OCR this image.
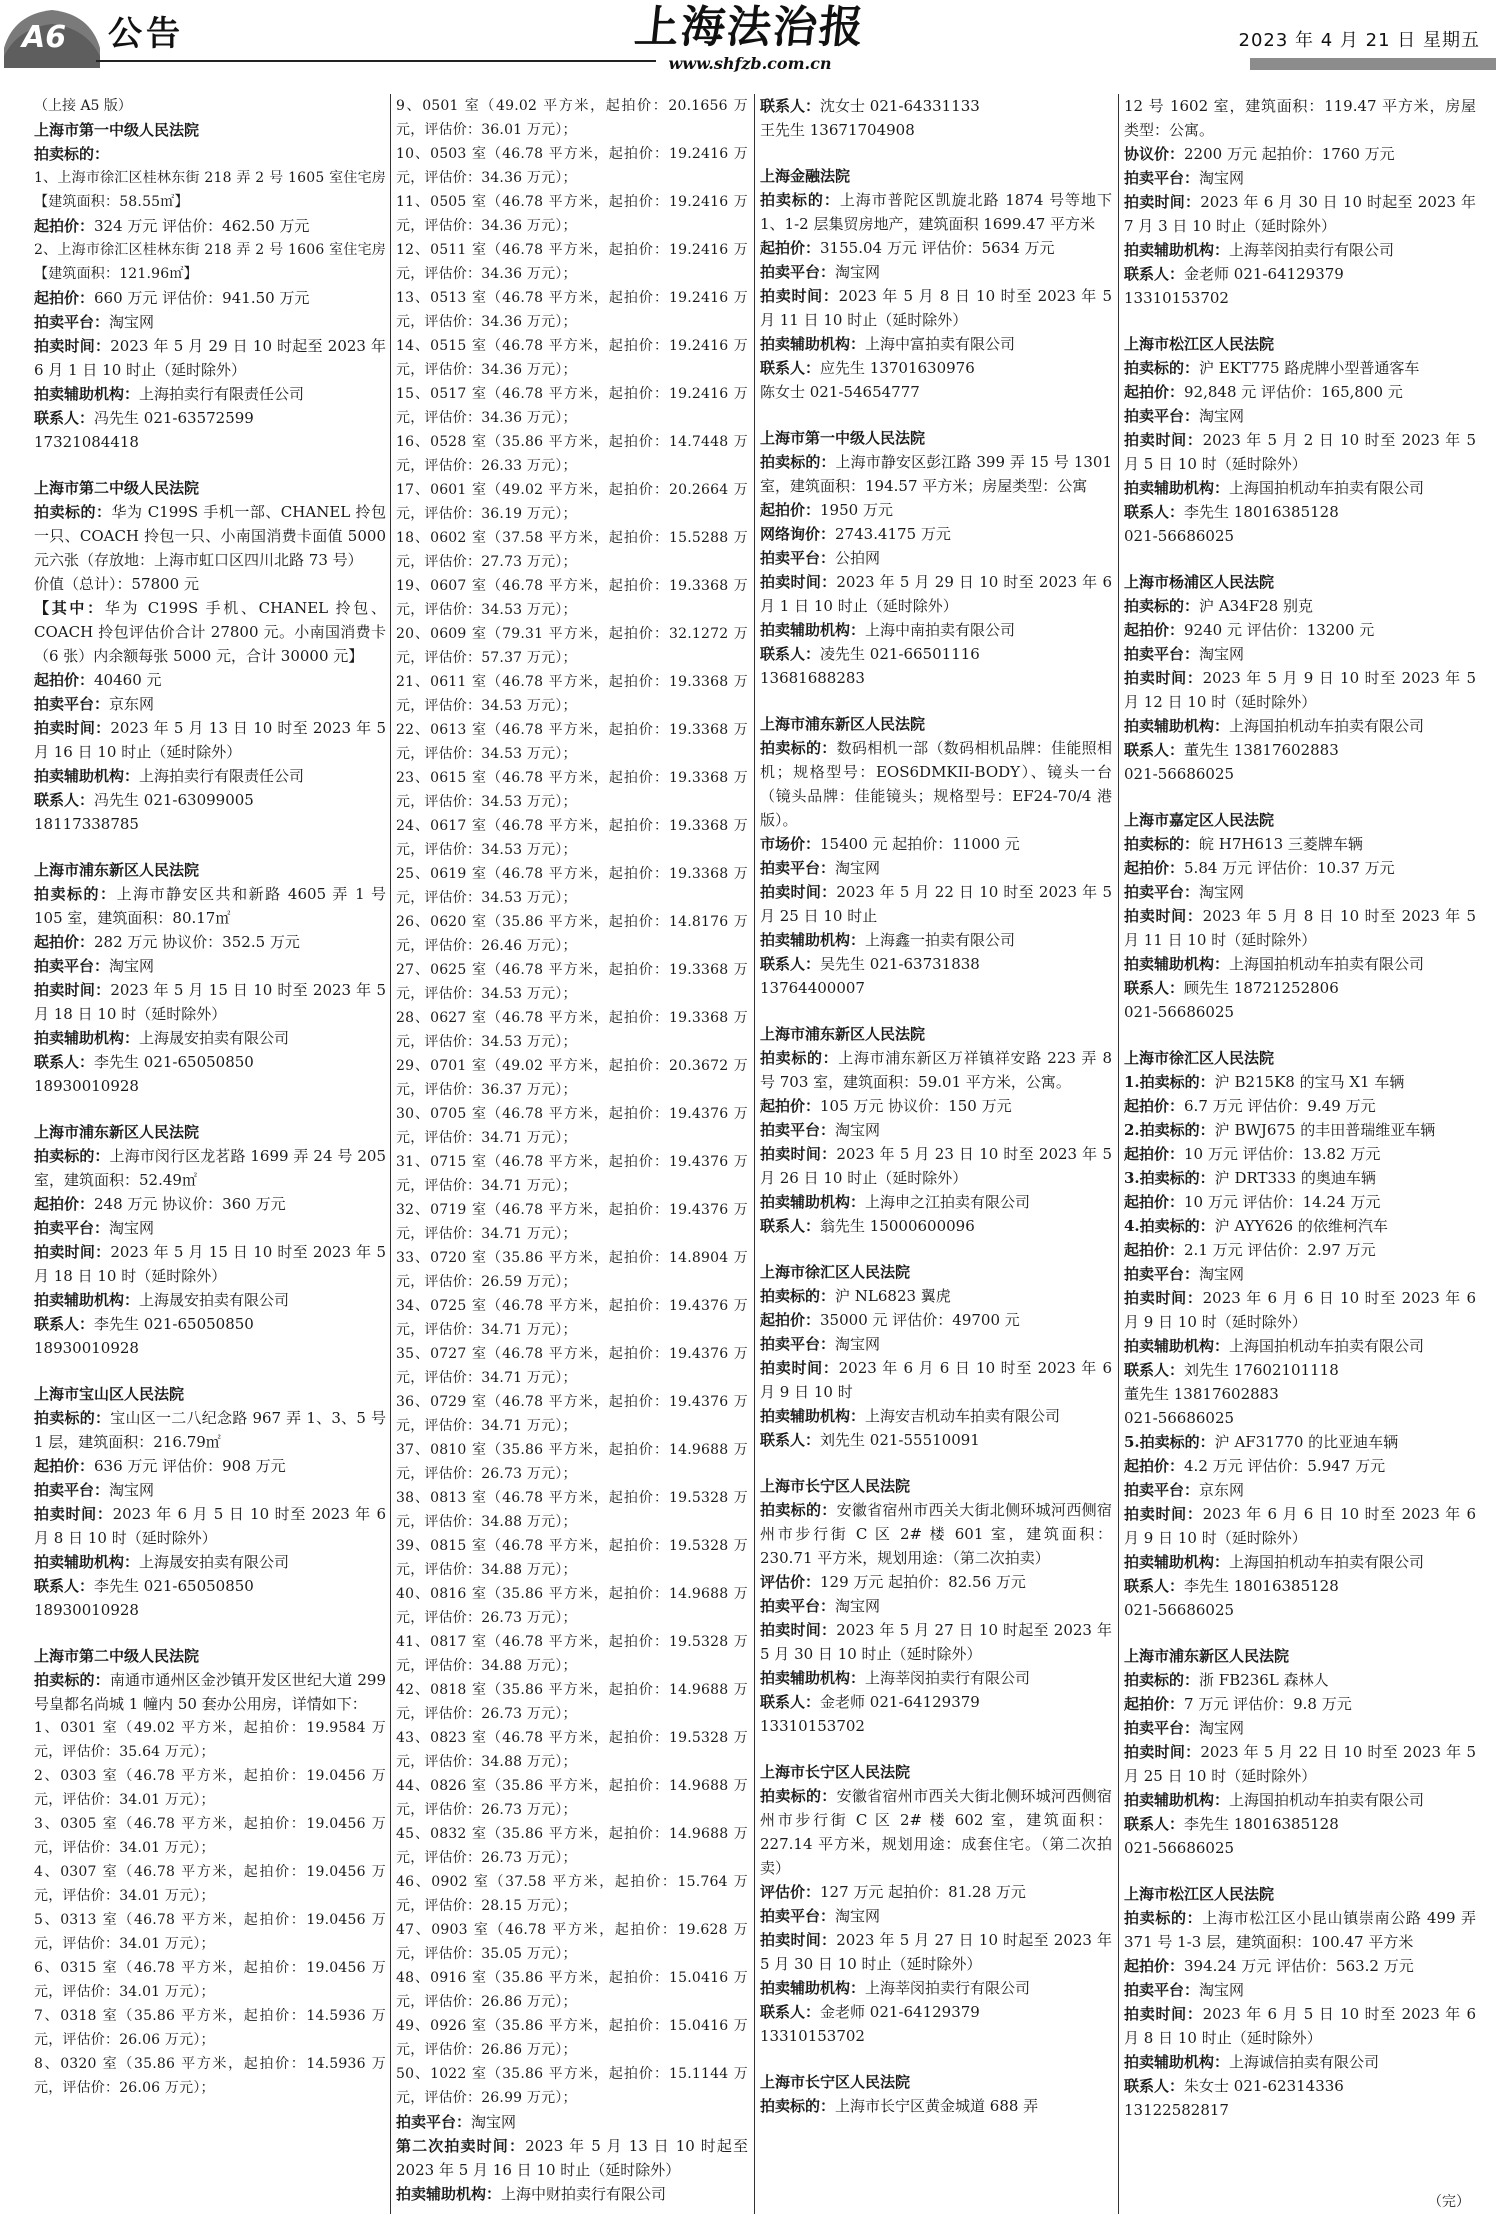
A6 公告	上海法治报
www.shfzb.com.cn
2023 年 4 月 21 日 星期五

（上接 A5 版）

上海市第一中级人民法院

拍卖标的：

1、上海市徐汇区桂林东街 218 弄 2 号 1605 室住宅房【建筑面积：58.55㎡】

起拍价：324 万元 评估价：462.50 万元

2、上海市徐汇区桂林东街 218 弄 2 号 1606 室住宅房【建筑面积：121.96㎡】

起拍价：660 万元 评估价：941.50 万元

拍卖平台：淘宝网

拍卖时间：2023 年 5 月 29 日 10 时起至 2023 年 6 月 1 日 10 时止（延时除外）

拍卖辅助机构：上海拍卖行有限责任公司

联系人：冯先生 021-63572599

17321084418

上海市第二中级人民法院

拍卖标的：华为 C199S 手机一部、CHANEL 拎包一只、COACH 拎包一只、小南国消费卡面值 5000 元六张（存放地：上海市虹口区四川北路 73 号）

价值（总计）：57800 元

【其中：华为 C199S 手机、CHANEL 拎包、COACH 拎包评估价合计 27800 元。小南国消费卡（6 张）内余额每张 5000 元，合计 30000 元】

起拍价：40460 元

拍卖平台：京东网

拍卖时间：2023 年 5 月 13 日 10 时至 2023 年 5 月 16 日 10 时止（延时除外）

拍卖辅助机构：上海拍卖行有限责任公司

联系人：冯先生 021-63099005

18117338785

上海市浦东新区人民法院

拍卖标的：上海市静安区共和新路 4605 弄 1 号 105 室，建筑面积：80.17㎡

起拍价：282 万元 协议价：352.5 万元

拍卖平台：淘宝网

拍卖时间：2023 年 5 月 15 日 10 时至 2023 年 5 月 18 日 10 时（延时除外）

拍卖辅助机构：上海晟安拍卖有限公司

联系人：李先生 021-65050850

18930010928

上海市浦东新区人民法院

拍卖标的：上海市闵行区龙茗路 1699 弄 24 号 205 室，建筑面积：52.49㎡

起拍价：248 万元 协议价：360 万元

拍卖平台：淘宝网

拍卖时间：2023 年 5 月 15 日 10 时至 2023 年 5 月 18 日 10 时（延时除外）

拍卖辅助机构：上海晟安拍卖有限公司

联系人：李先生 021-65050850

18930010928

上海市宝山区人民法院

拍卖标的：宝山区一二八纪念路 967 弄 1、3、5 号 1 层，建筑面积：216.79㎡

起拍价：636 万元 评估价：908 万元

拍卖平台：淘宝网

拍卖时间：2023 年 6 月 5 日 10 时至 2023 年 6 月 8 日 10 时（延时除外）

拍卖辅助机构：上海晟安拍卖有限公司

联系人：李先生 021-65050850

18930010928

上海市第二中级人民法院

拍卖标的：南通市通州区金沙镇开发区世纪大道 299 号皇都名尚城 1 幢内 50 套办公用房，详情如下：

1、0301 室（49.02 平方米，起拍价：19.9584 万元，评估价：35.64 万元）；

2、0303 室（46.78 平方米，起拍价：19.0456 万元，评估价：34.01 万元）；

3、0305 室（46.78 平方米，起拍价：19.0456 万元，评估价：34.01 万元）；

4、0307 室（46.78 平方米，起拍价：19.0456 万元，评估价：34.01 万元）；

5、0313 室（46.78 平方米，起拍价：19.0456 万元，评估价：34.01 万元）；

6、0315 室（46.78 平方米，起拍价：19.0456 万元，评估价：34.01 万元）；

7、0318 室（35.86 平方米，起拍价：14.5936 万元，评估价：26.06 万元）；

8、0320 室（35.86 平方米，起拍价：14.5936 万元，评估价：26.06 万元）；

9、0501 室（49.02 平方米，起拍价：20.1656 万元，评估价：36.01 万元）；

10、0503 室（46.78 平方米，起拍价：19.2416 万元，评估价：34.36 万元）；

11、0505 室（46.78 平方米，起拍价：19.2416 万元，评估价：34.36 万元）；

12、0511 室（46.78 平方米，起拍价：19.2416 万元，评估价：34.36 万元）；

13、0513 室（46.78 平方米，起拍价：19.2416 万元，评估价：34.36 万元）；

14、0515 室（46.78 平方米，起拍价：19.2416 万元，评估价：34.36 万元）；

15、0517 室（46.78 平方米，起拍价：19.2416 万元，评估价：34.36 万元）；

16、0528 室（35.86 平方米，起拍价：14.7448 万元，评估价：26.33 万元）；

17、0601 室（49.02 平方米，起拍价：20.2664 万元，评估价：36.19 万元）；

18、0602 室（37.58 平方米，起拍价：15.5288 万元，评估价：27.73 万元）；

19、0607 室（46.78 平方米，起拍价：19.3368 万元，评估价：34.53 万元）；

20、0609 室（79.31 平方米，起拍价：32.1272 万元，评估价：57.37 万元）；

21、0611 室（46.78 平方米，起拍价：19.3368 万元，评估价：34.53 万元）；

22、0613 室（46.78 平方米，起拍价：19.3368 万元，评估价：34.53 万元）；

23、0615 室（46.78 平方米，起拍价：19.3368 万元，评估价：34.53 万元）；

24、0617 室（46.78 平方米，起拍价：19.3368 万元，评估价：34.53 万元）；

25、0619 室（46.78 平方米，起拍价：19.3368 万元，评估价：34.53 万元）；

26、0620 室（35.86 平方米，起拍价：14.8176 万元，评估价：26.46 万元）；

27、0625 室（46.78 平方米，起拍价：19.3368 万元，评估价：34.53 万元）；

28、0627 室（46.78 平方米，起拍价：19.3368 万元，评估价：34.53 万元）；

29、0701 室（49.02 平方米，起拍价：20.3672 万元，评估价：36.37 万元）；

30、0705 室（46.78 平方米，起拍价：19.4376 万元，评估价：34.71 万元）；

31、0715 室（46.78 平方米，起拍价：19.4376 万元，评估价：34.71 万元）；

32、0719 室（46.78 平方米，起拍价：19.4376 万元，评估价：34.71 万元）；

33、0720 室（35.86 平方米，起拍价：14.8904 万元，评估价：26.59 万元）；

34、0725 室（46.78 平方米，起拍价：19.4376 万元，评估价：34.71 万元）；

35、0727 室（46.78 平方米，起拍价：19.4376 万元，评估价：34.71 万元）；

36、0729 室（46.78 平方米，起拍价：19.4376 万元，评估价：34.71 万元）；

37、0810 室（35.86 平方米，起拍价：14.9688 万元，评估价：26.73 万元）；

38、0813 室（46.78 平方米，起拍价：19.5328 万元，评估价：34.88 万元）；

39、0815 室（46.78 平方米，起拍价：19.5328 万元，评估价：34.88 万元）；

40、0816 室（35.86 平方米，起拍价：14.9688 万元，评估价：26.73 万元）；

41、0817 室（46.78 平方米，起拍价：19.5328 万元，评估价：34.88 万元）；

42、0818 室（35.86 平方米，起拍价：14.9688 万元，评估价：26.73 万元）；

43、0823 室（46.78 平方米，起拍价：19.5328 万元，评估价：34.88 万元）；

44、0826 室（35.86 平方米，起拍价：14.9688 万元，评估价：26.73 万元）；

45、0832 室（35.86 平方米，起拍价：14.9688 万元，评估价：26.73 万元）；

46、0902 室（37.58 平方米，起拍价：15.764 万元，评估价：28.15 万元）；

47、0903 室（46.78 平方米，起拍价：19.628 万元，评估价：35.05 万元）；

48、0916 室（35.86 平方米，起拍价：15.0416 万元，评估价：26.86 万元）；

49、0926 室（35.86 平方米，起拍价：15.0416 万元，评估价：26.86 万元）；

50、1022 室（35.86 平方米，起拍价：15.1144 万元，评估价：26.99 万元）；

拍卖平台：淘宝网

第二次拍卖时间：2023 年 5 月 13 日 10 时起至 2023 年 5 月 16 日 10 时止（延时除外）

拍卖辅助机构：上海中财拍卖行有限公司

联系人：沈女士 021-64331133

王先生 13671704908

上海金融法院

拍卖标的：上海市普陀区凯旋北路 1874 号等地下 1、1-2 层集贸房地产，建筑面积 1699.47 平方米

起拍价：3155.04 万元 评估价：5634 万元

拍卖平台：淘宝网

拍卖时间：2023 年 5 月 8 日 10 时至 2023 年 5 月 11 日 10 时止（延时除外）

拍卖辅助机构：上海中富拍卖有限公司

联系人：应先生 13701630976

陈女士 021-54654777

上海市第一中级人民法院

拍卖标的：上海市静安区彭江路 399 弄 15 号 1301 室，建筑面积：194.57 平方米；房屋类型：公寓

起拍价：1950 万元

网络询价：2743.4175 万元

拍卖平台：公拍网

拍卖时间：2023 年 5 月 29 日 10 时至 2023 年 6 月 1 日 10 时止（延时除外）

拍卖辅助机构：上海中南拍卖有限公司

联系人：凌先生 021-66501116

13681688283

上海市浦东新区人民法院

拍卖标的：数码相机一部（数码相机品牌：佳能照相机；规格型号：EOS6DMKII-BODY）、镜头一台（镜头品牌：佳能镜头；规格型号：EF24-70/4 港版）。

市场价：15400 元 起拍价：11000 元

拍卖平台：淘宝网

拍卖时间：2023 年 5 月 22 日 10 时至 2023 年 5 月 25 日 10 时止

拍卖辅助机构：上海鑫一拍卖有限公司

联系人：吴先生 021-63731838

13764400007

上海市浦东新区人民法院

拍卖标的：上海市浦东新区万祥镇祥安路 223 弄 8 号 703 室，建筑面积：59.01 平方米，公寓。

起拍价：105 万元 协议价：150 万元

拍卖平台：淘宝网

拍卖时间：2023 年 5 月 23 日 10 时至 2023 年 5 月 26 日 10 时止（延时除外）

拍卖辅助机构：上海申之江拍卖有限公司

联系人：翁先生 15000600096

上海市徐汇区人民法院

拍卖标的：沪 NL6823 翼虎

起拍价：35000 元 评估价：49700 元

拍卖平台：淘宝网

拍卖时间：2023 年 6 月 6 日 10 时至 2023 年 6 月 9 日 10 时

拍卖辅助机构：上海安吉机动车拍卖有限公司

联系人：刘先生 021-55510091

上海市长宁区人民法院

拍卖标的：安徽省宿州市西关大街北侧环城河西侧宿州市步行街 C 区 2# 楼 601 室，建筑面积：230.71 平方米，规划用途：（第二次拍卖）

评估价：129 万元 起拍价：82.56 万元

拍卖平台：淘宝网

拍卖时间：2023 年 5 月 27 日 10 时起至 2023 年 5 月 30 日 10 时止（延时除外）

拍卖辅助机构：上海莘闵拍卖行有限公司

联系人：金老师 021-64129379

13310153702

上海市长宁区人民法院

拍卖标的：安徽省宿州市西关大街北侧环城河西侧宿州市步行街 C 区 2# 楼 602 室，建筑面积：227.14 平方米，规划用途：成套住宅。（第二次拍卖）

评估价：127 万元 起拍价：81.28 万元

拍卖平台：淘宝网

拍卖时间：2023 年 5 月 27 日 10 时起至 2023 年 5 月 30 日 10 时止（延时除外）

拍卖辅助机构：上海莘闵拍卖行有限公司

联系人：金老师 021-64129379

13310153702

上海市长宁区人民法院

拍卖标的：上海市长宁区黄金城道 688 弄

12 号 1602 室，建筑面积：119.47 平方米，房屋类型：公寓。

协议价：2200 万元 起拍价：1760 万元

拍卖平台：淘宝网

拍卖时间：2023 年 6 月 30 日 10 时起至 2023 年 7 月 3 日 10 时止（延时除外）

拍卖辅助机构：上海莘闵拍卖行有限公司

联系人：金老师 021-64129379

13310153702

上海市松江区人民法院

拍卖标的：沪 EKT775 路虎牌小型普通客车

起拍价：92,848 元 评估价：165,800 元

拍卖平台：淘宝网

拍卖时间：2023 年 5 月 2 日 10 时至 2023 年 5 月 5 日 10 时（延时除外）

拍卖辅助机构：上海国拍机动车拍卖有限公司

联系人：李先生 18016385128

021-56686025

上海市杨浦区人民法院

拍卖标的：沪 A34F28 别克

起拍价：9240 元 评估价：13200 元

拍卖平台：淘宝网

拍卖时间：2023 年 5 月 9 日 10 时至 2023 年 5 月 12 日 10 时（延时除外）

拍卖辅助机构：上海国拍机动车拍卖有限公司

联系人：董先生 13817602883

021-56686025

上海市嘉定区人民法院

拍卖标的：皖 H7H613 三菱牌车辆

起拍价：5.84 万元 评估价：10.37 万元

拍卖平台：淘宝网

拍卖时间：2023 年 5 月 8 日 10 时至 2023 年 5 月 11 日 10 时（延时除外）

拍卖辅助机构：上海国拍机动车拍卖有限公司

联系人：顾先生 18721252806

021-56686025

上海市徐汇区人民法院

1.拍卖标的：沪 B215K8 的宝马 X1 车辆

起拍价：6.7 万元 评估价：9.49 万元

2.拍卖标的：沪 BWJ675 的丰田普瑞维亚车辆

起拍价：10 万元 评估价：13.82 万元

3.拍卖标的：沪 DRT333 的奥迪车辆

起拍价：10 万元 评估价：14.24 万元

4.拍卖标的：沪 AYY626 的依维柯汽车

起拍价：2.1 万元 评估价：2.97 万元

拍卖平台：淘宝网

拍卖时间：2023 年 6 月 6 日 10 时至 2023 年 6 月 9 日 10 时（延时除外）

拍卖辅助机构：上海国拍机动车拍卖有限公司

联系人：刘先生 17602101118

董先生 13817602883

021-56686025

5.拍卖标的：沪 AF31770 的比亚迪车辆

起拍价：4.2 万元 评估价：5.947 万元

拍卖平台：京东网

拍卖时间：2023 年 6 月 6 日 10 时至 2023 年 6 月 9 日 10 时（延时除外）

拍卖辅助机构：上海国拍机动车拍卖有限公司

联系人：李先生 18016385128

021-56686025

上海市浦东新区人民法院

拍卖标的：浙 FB236L 森林人

起拍价：7 万元 评估价：9.8 万元

拍卖平台：淘宝网

拍卖时间：2023 年 5 月 22 日 10 时至 2023 年 5 月 25 日 10 时（延时除外）

拍卖辅助机构：上海国拍机动车拍卖有限公司

联系人：李先生 18016385128

021-56686025

上海市松江区人民法院

拍卖标的：上海市松江区小昆山镇崇南公路 499 弄 371 号 1-3 层，建筑面积：100.47 平方米

起拍价：394.24 万元 评估价：563.2 万元

拍卖平台：淘宝网

拍卖时间：2023 年 6 月 5 日 10 时至 2023 年 6 月 8 日 10 时止（延时除外）

拍卖辅助机构：上海诚信拍卖有限公司

联系人：朱女士 021-62314336

13122582817

（完）
